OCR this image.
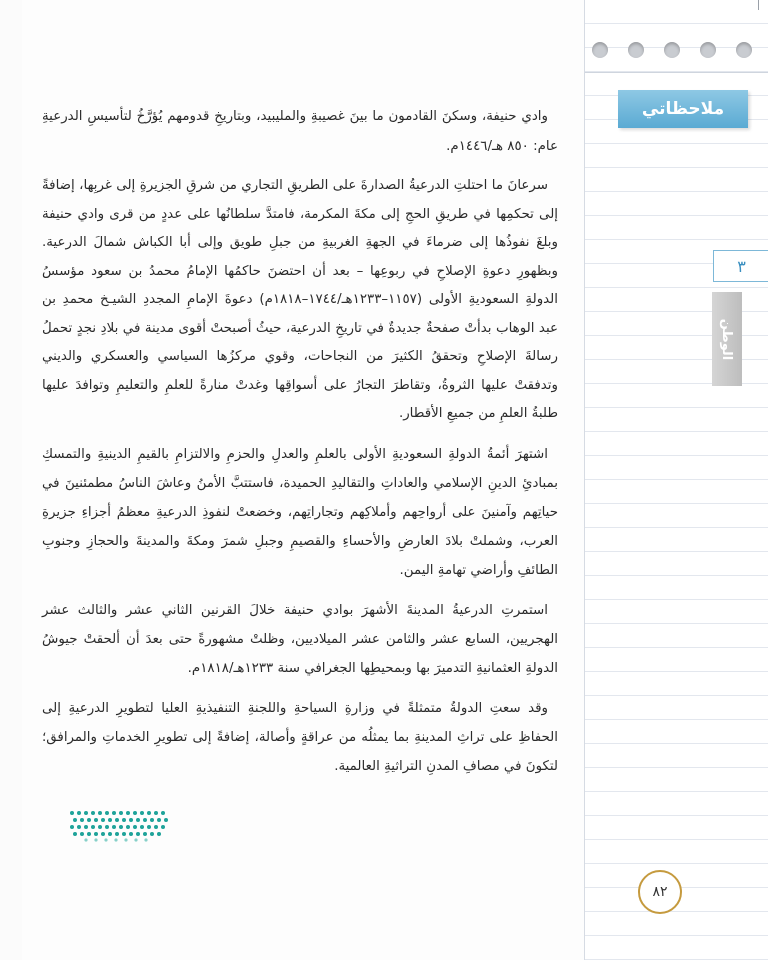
ملاحظاتي
٣
الوطن

وادي حنيفة، وسكنَ القادمون ما بينَ غصيبةِ والمليبيد، وبتاريخِ قدومهم يُؤرَّخُ لتأسيسِ الدرعيةِ عام: ٨٥٠ هـ/١٤٤٦م.

سرعانَ ما احتلتِ الدرعيةُ الصدارةَ على الطريقِ التجاري من شرقِ الجزيرةِ إلى غربِها، إضافةً إلى تحكمِها في طريقِ الحجِ إلى مكةَ المكرمة، فامتدَّ سلطانُها على عددٍ من قرى وادي حنيفة وبلغَ نفوذُها إلى ضرماءَ في الجهةِ الغربيةِ من جبلِ طويق وإلى أبا الكباش شمالَ الدرعية. وبظهورِ دعوةِ الإصلاحِ في ربوعِها – بعد أن احتضنَ حاكمُها الإمامُ محمدُ بن سعود مؤسسُ الدولةِ السعوديةِ الأولى (١١٥٧–١٢٣٣هـ/١٧٤٤–١٨١٨م) دعوةَ الإمامِ المجددِ الشيـخ محمدِ بن عبد الوهاب بدأتْ صفحةٌ جديدةٌ في تاريخِ الدرعية، حيثُ أصبحتْ أقوى مدينة في بلادِ نجدٍ تحملُ رسالةَ الإصلاحِ وتحققُ الكثيرَ من النجاحات، وقوي مركزُها السياسي والعسكري والديني وتدفقتْ عليها الثروةُ، وتقاطرَ التجارُ على أسواقِها وغدتْ منارةً للعلمِ والتعليمِ وتوافدَ عليها طلبةُ العلمِ من جميعِ الأقطار.

اشتهرَ أئمةُ الدولةِ السعوديةِ الأولى بالعلمِ والعدلِ والحزمِ والالتزامِ بالقيمِ الدينيةِ والتمسكِ بمبادئِ الدينِ الإسلامي والعاداتِ والتقاليدِ الحميدة، فاستتبَّ الأمنُ وعاشَ الناسُ مطمئنينَ في حياتِهم وآمنينَ على أرواحِهم وأملاكِهم وتجاراتِهم، وخضعتْ لنفوذِ الدرعيةِ معظمُ أجزاءِ جزيرةِ العرب، وشملتْ بلادَ العارضِ والأحساءِ والقصيمِ وجبلِ شمرَ ومكةَ والمدينةَ والحجازِ وجنوبِ الطائفِ وأراضي تهامةِ اليمن.

استمرتِ الدرعيةُ المدينةَ الأشهرَ بوادي حنيفة خلالَ القرنين الثاني عشر والثالث عشر الهجريين، السابع عشر والثامن عشر الميلاديين، وظلتْ مشهورةً حتى بعدَ أن ألحقتْ جيوشُ الدولةِ العثمانيةِ التدميرَ بها وبمحيطِها الجغرافي سنة ١٢٣٣هـ/١٨١٨م.

وقد سعتِ الدولةُ متمثلةً في وزارةِ السياحةِ واللجنةِ التنفيذيةِ العليا لتطويرِ الدرعيةِ إلى الحفاظِ على تراثِ المدينةِ بما يمثلُه من عراقةٍ وأصالة، إضافةً إلى تطويرِ الخدماتِ والمرافق؛ لتكونَ في مصافِ المدنِ التراثيةِ العالمية.

٨٢
